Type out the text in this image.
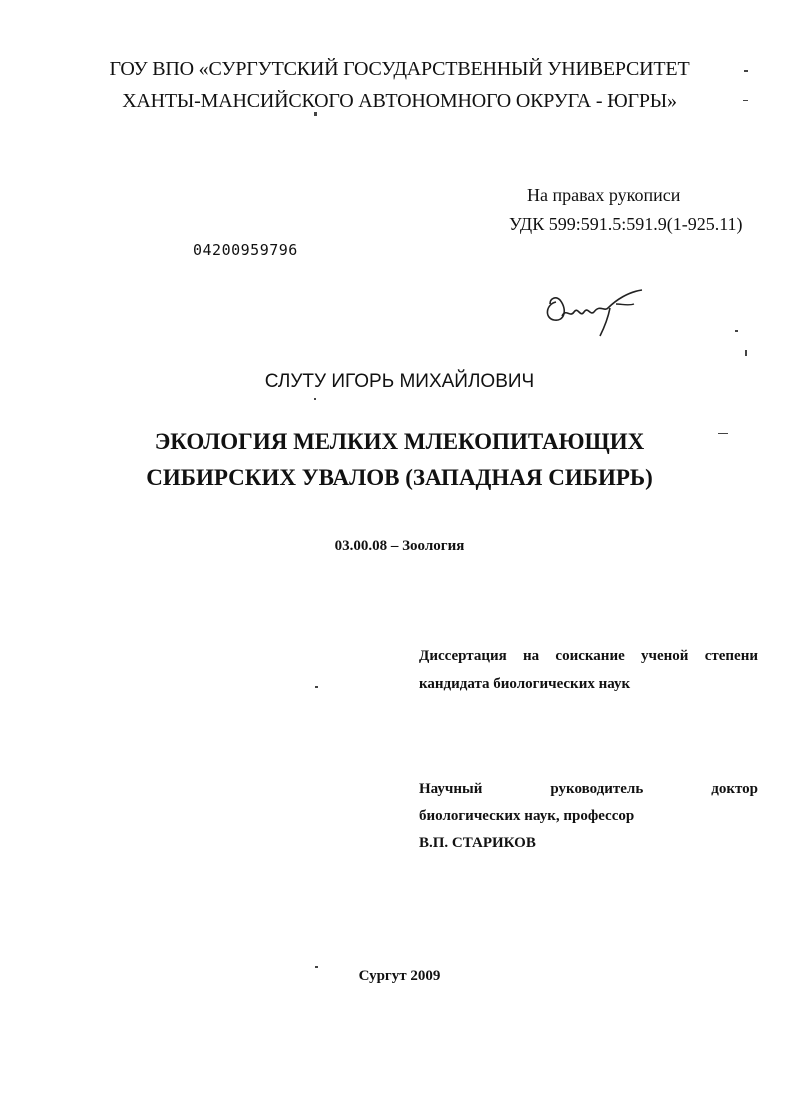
ГОУ ВПО «СУРГУТСКИЙ ГОСУДАРСТВЕННЫЙ УНИВЕРСИТЕТ
ХАНТЫ-МАНСИЙСКОГО АВТОНОМНОГО ОКРУГА - ЮГРЫ»
На правах рукописи
УДК 599:591.5:591.9(1-925.11)
04200959796
СЛУТУ ИГОРЬ МИХАЙЛОВИЧ
ЭКОЛОГИЯ МЕЛКИХ МЛЕКОПИТАЮЩИХ
СИБИРСКИХ УВАЛОВ (ЗАПАДНАЯ СИБИРЬ)
03.00.08 – Зоология
Диссертация на соискание ученой степени
кандидата биологических наук
Научный руководитель доктор
биологических наук, профессор
В.П. СТАРИКОВ
Сургут 2009
